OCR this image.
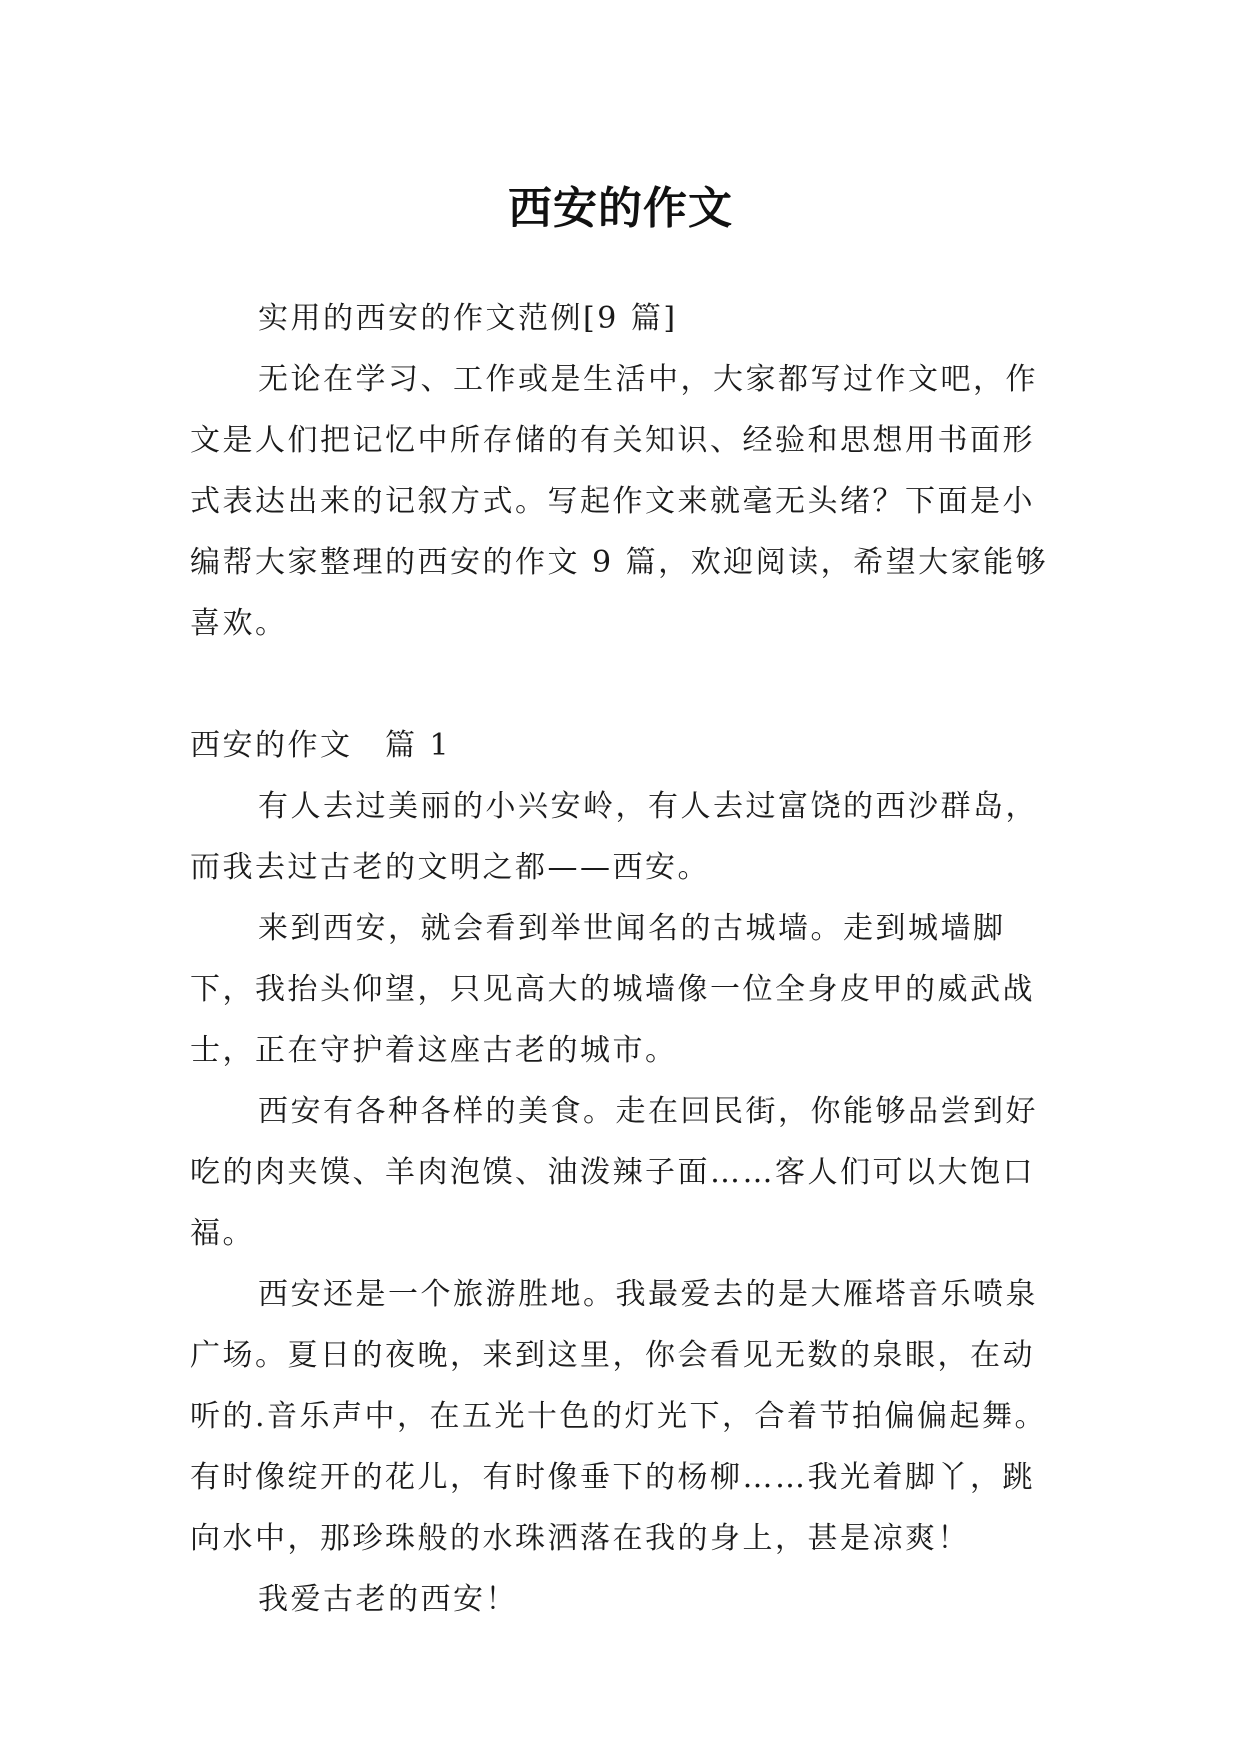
西安的作文

实用的西安的作文范例[9 篇]

无论在学习、工作或是生活中，大家都写过作文吧，作文是人们把记忆中所存储的有关知识、经验和思想用书面形式表达出来的记叙方式。写起作文来就毫无头绪？下面是小编帮大家整理的西安的作文 9 篇，欢迎阅读，希望大家能够喜欢。

西安的作文　篇 1

有人去过美丽的小兴安岭，有人去过富饶的西沙群岛，而我去过古老的文明之都——西安。

来到西安，就会看到举世闻名的古城墙。走到城墙脚下，我抬头仰望，只见高大的城墙像一位全身皮甲的威武战士，正在守护着这座古老的城市。

西安有各种各样的美食。走在回民街，你能够品尝到好吃的肉夹馍、羊肉泡馍、油泼辣子面……客人们可以大饱口福。

西安还是一个旅游胜地。我最爱去的是大雁塔音乐喷泉广场。夏日的夜晚，来到这里，你会看见无数的泉眼，在动听的.音乐声中，在五光十色的灯光下，合着节拍偏偏起舞。有时像绽开的花儿，有时像垂下的杨柳……我光着脚丫，跳向水中，那珍珠般的水珠洒落在我的身上，甚是凉爽！

我爱古老的西安！
